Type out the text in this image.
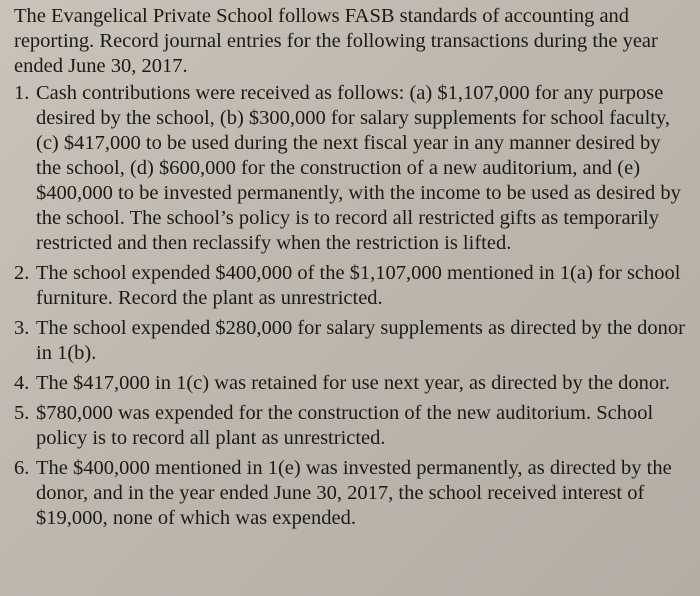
The Evangelical Private School follows FASB standards of accounting and reporting. Record journal entries for the following transactions during the year ended June 30, 2017.

1. Cash contributions were received as follows: (a) $1,107,000 for any purpose desired by the school, (b) $300,000 for salary supplements for school faculty, (c) $417,000 to be used during the next fiscal year in any manner desired by the school, (d) $600,000 for the construction of a new auditorium, and (e) $400,000 to be invested permanently, with the income to be used as desired by the school. The school’s policy is to record all restricted gifts as temporarily restricted and then reclassify when the restriction is lifted.
2. The school expended $400,000 of the $1,107,000 mentioned in 1(a) for school furniture. Record the plant as unrestricted.
3. The school expended $280,000 for salary supplements as directed by the donor in 1(b).
4. The $417,000 in 1(c) was retained for use next year, as directed by the donor.
5. $780,000 was expended for the construction of the new auditorium. School policy is to record all plant as unrestricted.
6. The $400,000 mentioned in 1(e) was invested permanently, as directed by the donor, and in the year ended June 30, 2017, the school received interest of $19,000, none of which was expended.
